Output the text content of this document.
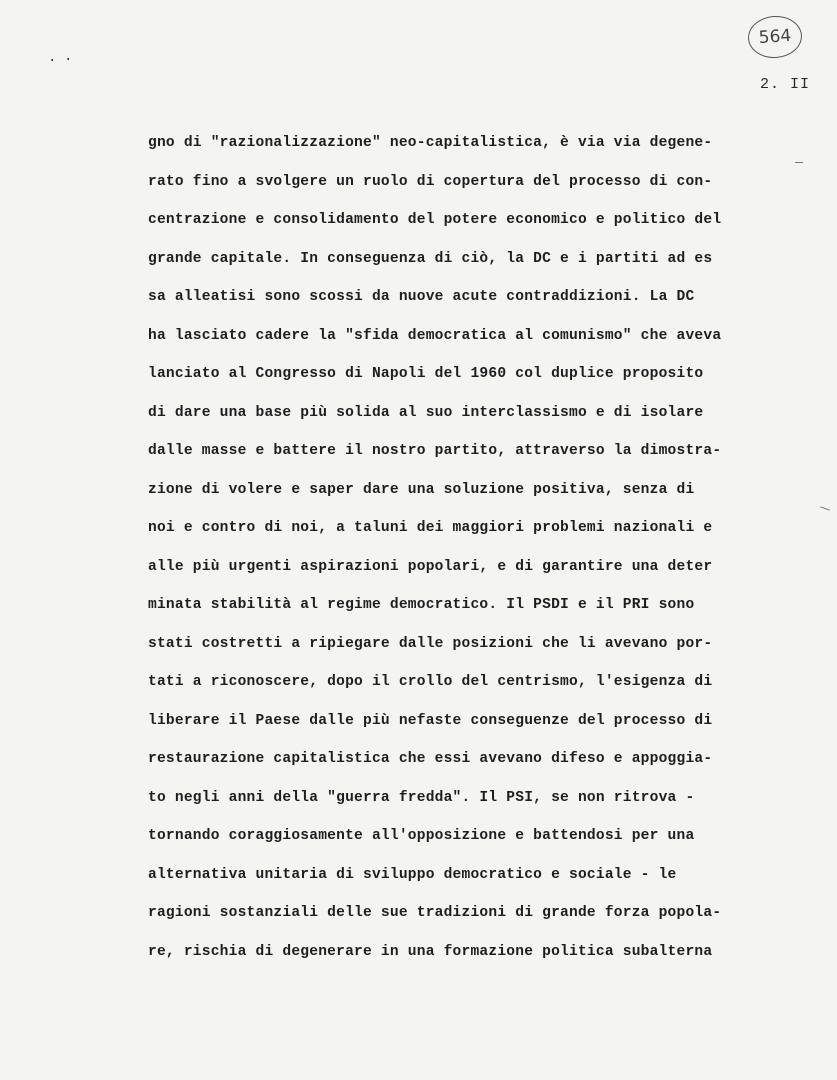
564
2. II
. ·
gno di "razionalizzazione" neo-capitalistica, è via via degene-
rato fino a svolgere un ruolo di copertura del processo di con-
centrazione e consolidamento del potere economico e politico del
grande capitale. In conseguenza di ciò, la DC e i partiti ad es
sa alleatisi sono scossi da nuove acute contraddizioni. La DC
ha lasciato cadere la "sfida democratica al comunismo" che aveva
lanciato al Congresso di Napoli del 1960 col duplice proposito
di dare una base più solida al suo interclassismo e di isolare
dalle masse e battere il nostro partito, attraverso la dimostra-
zione di volere e saper dare una soluzione positiva, senza di
noi e contro di noi, a taluni dei maggiori problemi nazionali e
alle più urgenti aspirazioni popolari, e di garantire una deter
minata stabilità al regime democratico. Il PSDI e il PRI sono
stati costretti a ripiegare dalle posizioni che li avevano por-
tati a riconoscere, dopo il crollo del centrismo, l'esigenza di
liberare il Paese dalle più nefaste conseguenze del processo di
restaurazione capitalistica che essi avevano difeso e appoggia-
to negli anni della "guerra fredda". Il PSI, se non ritrova -
tornando coraggiosamente all'opposizione e battendosi per una
alternativa unitaria di sviluppo democratico e sociale - le
ragioni sostanziali delle sue tradizioni di grande forza popola-
re, rischia di degenerare in una formazione politica subalterna
